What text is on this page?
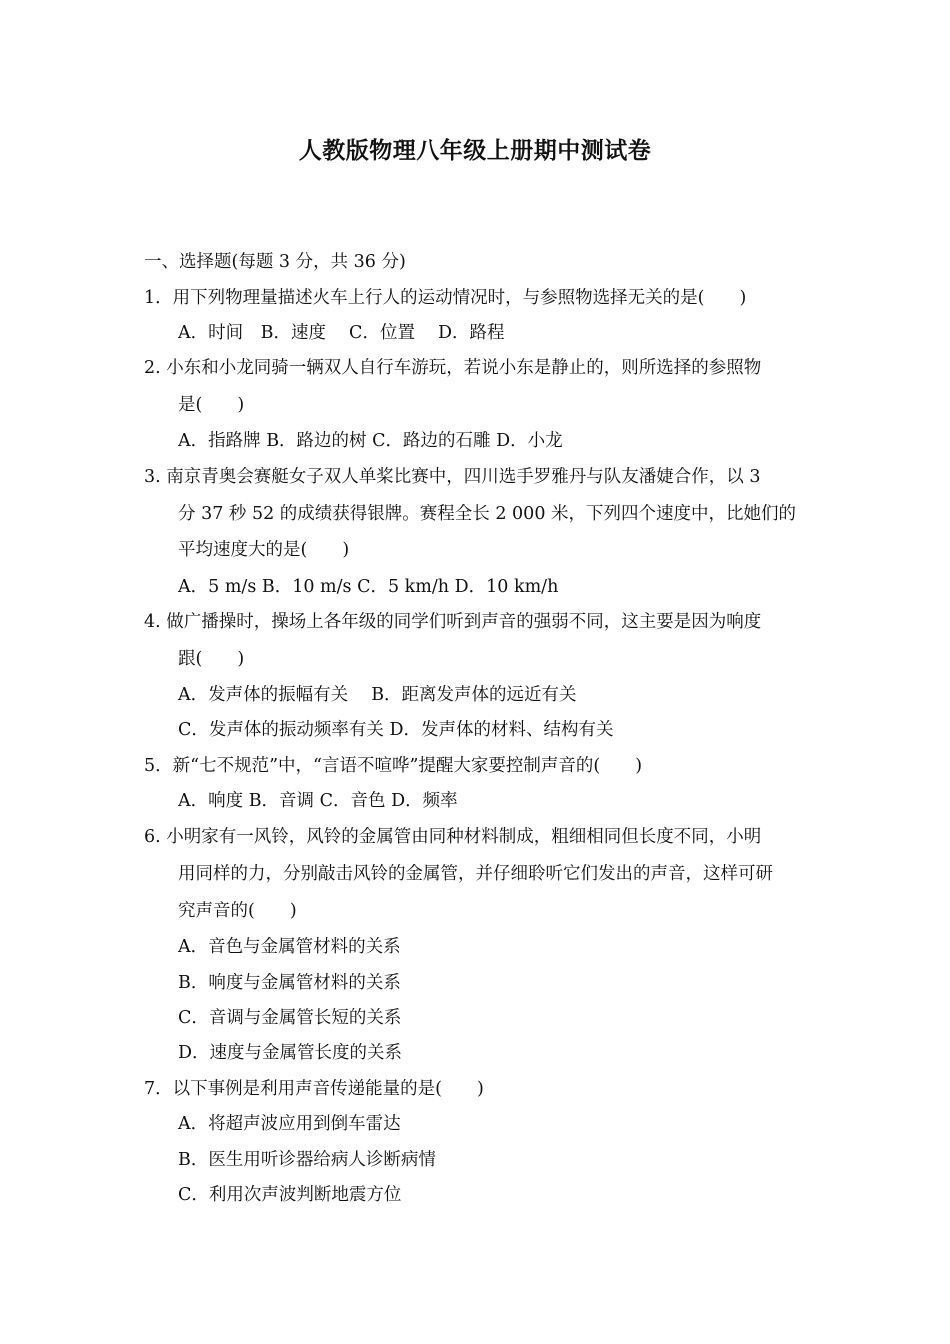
人教版物理八年级上册期中测试卷
一、选择题(每题 3 分，共 36 分)
1．用下列物理量描述火车上行人的运动情况时，与参照物选择无关的是(　　)
A．时间　B．速度　 C．位置　 D．路程
2. 小东和小龙同骑一辆双人自行车游玩，若说小东是静止的，则所选择的参照物
是(　　)
A．指路牌 B．路边的树 C．路边的石雕 D．小龙
3. 南京青奥会赛艇女子双人单桨比赛中，四川选手罗雅丹与队友潘婕合作，以 3
分 37 秒 52 的成绩获得银牌。赛程全长 2 000 米，下列四个速度中，比她们的
平均速度大的是(　　)
A．5 m/s B．10 m/s C．5 km/h D．10 km/h
4. 做广播操时，操场上各年级的同学们听到声音的强弱不同，这主要是因为响度
跟(　　)
A．发声体的振幅有关　 B．距离发声体的远近有关
C．发声体的振动频率有关 D．发声体的材料、结构有关
5．新“七不规范”中，“言语不喧哗”提醒大家要控制声音的(　　)
A．响度 B．音调 C．音色 D．频率
6. 小明家有一风铃，风铃的金属管由同种材料制成，粗细相同但长度不同，小明
用同样的力，分别敲击风铃的金属管，并仔细聆听它们发出的声音，这样可研
究声音的(　　)
A．音色与金属管材料的关系
B．响度与金属管材料的关系
C．音调与金属管长短的关系
D．速度与金属管长度的关系
7．以下事例是利用声音传递能量的是(　　)
A．将超声波应用到倒车雷达
B．医生用听诊器给病人诊断病情
C．利用次声波判断地震方位
